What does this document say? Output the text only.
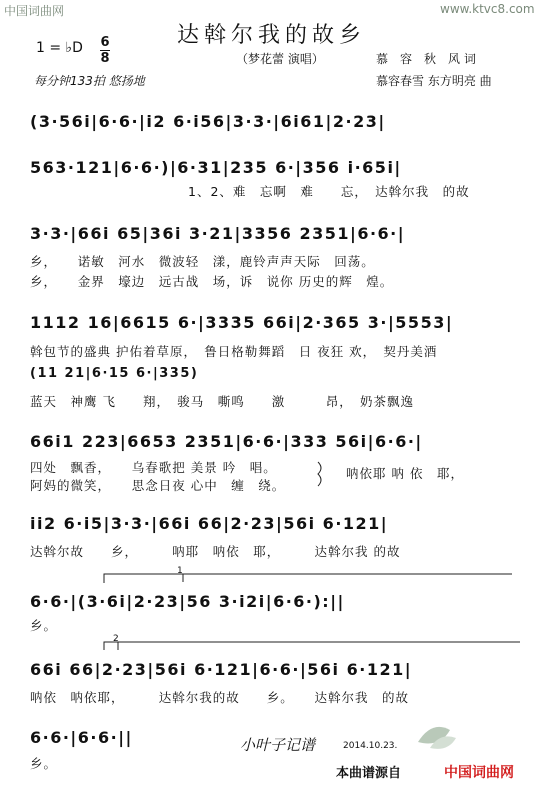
中国词曲网	www.ktvc8.com
达斡尔我的故乡
（梦花蕾 演唱）	慕　容　秋　风 词
慕容春雪 东方明亮 曲
1 = ♭D 6
8
每分钟133拍 悠扬地
(3·56i|6·6·|i2 6·i56|3·3·|6i61|2·23|
563·121|6·6·)|6·31|235 6·|356 i·65i|
1、2、难　忘啊　难　　忘，　达斡尔我　的故
3·3·|66i 65|36i 3·21|3356 2351|6·6·|
乡，　　诺敏　河水　微波轻　漾，鹿铃声声天际　回荡。
乡，　　金界　壕边　远古战　场，诉　说你 历史的辉　煌。
1112 16|6615 6·|3335 66i|2·365 3·|5553|
斡包节的盛典 护佑着草原，　鲁日格勒舞蹈　日 夜狂 欢，　契丹美酒
(11 21|6·15 6·|335)
蓝天　神鹰 飞　　翔，　骏马　嘶鸣　　激　　　昂，　奶茶飘逸
66i1 223|6653 2351|6·6·|333 56i|6·6·|
四处　飘香，　　乌春歌把 美景 吟　唱。
阿妈的微笑，　　思念日夜 心中　缠　绕。
呐依耶 呐 依　耶，
ii2 6·i5|3·3·|66i 66|2·23|56i 6·121|
达斡尔故　　乡，　　　呐耶　呐依　耶，　　　达斡尔我 的故
6·6·|(3·6i|2·23|56 3·i2i|6·6·):||
乡。
66i 66|2·23|56i 6·121|6·6·|56i 6·121|
呐依　呐依耶，　　　达斡尔我的故　　乡。　　达斡尔我　的故
6·6·|6·6·||
乡。
1
2
小叶子记谱	2014.10.23.
本曲谱源自	中国词曲网
